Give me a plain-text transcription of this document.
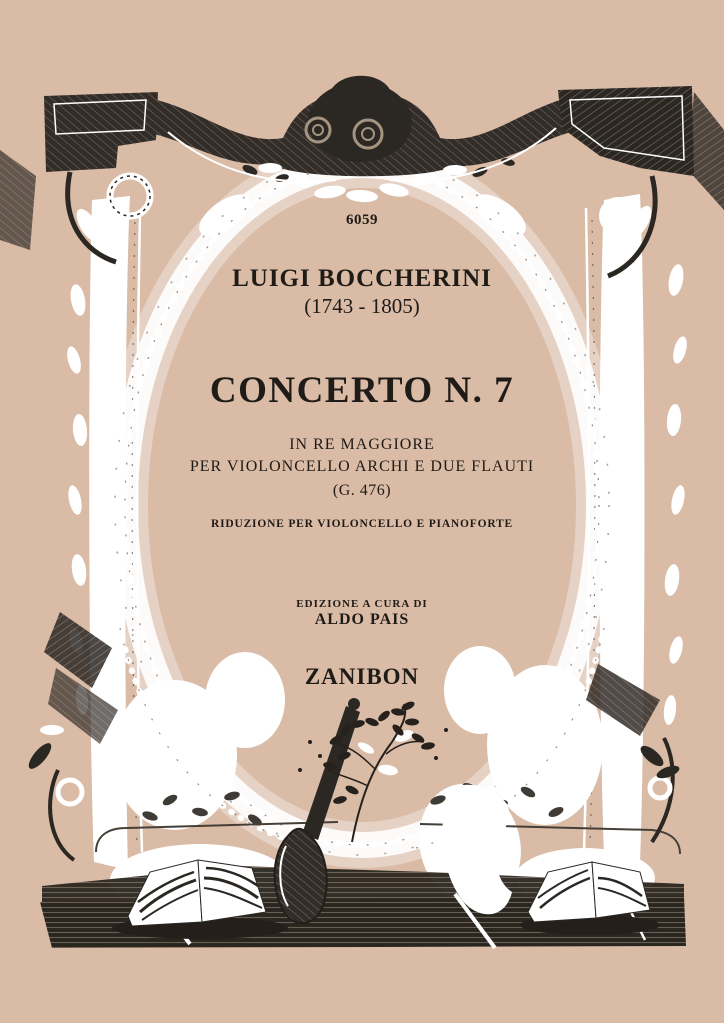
6059
LUIGI BOCCHERINI
(1743 - 1805)
CONCERTO N. 7
IN RE MAGGIORE
PER VIOLONCELLO ARCHI E DUE FLAUTI
(G. 476)
RIDUZIONE PER VIOLONCELLO E PIANOFORTE
EDIZIONE A CURA DI
ALDO PAIS
ZANIBON
